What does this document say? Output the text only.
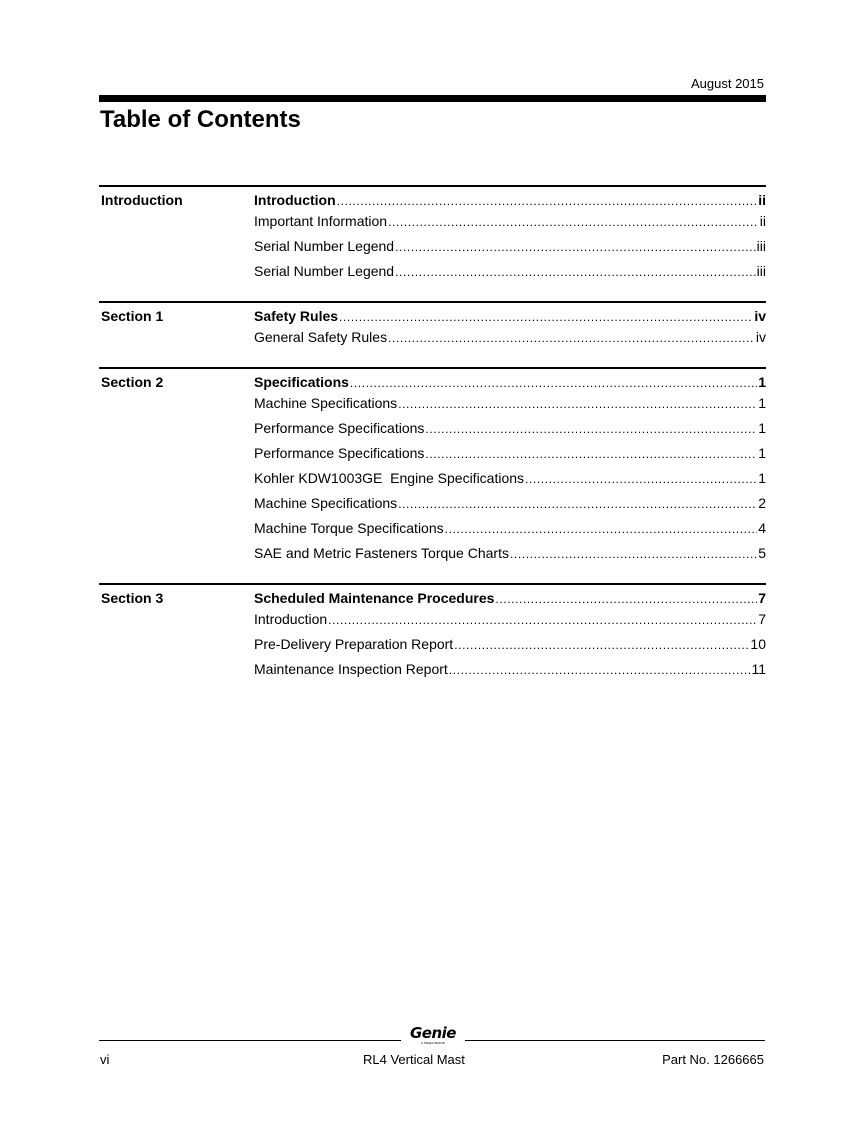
August 2015
Table of Contents
Introduction	Introduction .....	ii
Important Information .....	ii
Serial Number Legend .....	iii
Serial Number Legend .....	iii
Section 1	Safety Rules .....	iv
General Safety Rules .....	iv
Section 2	Specifications .....	1
Machine Specifications .....	1
Performance Specifications .....	1
Performance Specifications .....	1
Kohler KDW1003GE  Engine Specifications .....	1
Machine Specifications .....	2
Machine Torque Specifications .....	4
SAE and Metric Fasteners Torque Charts .....	5
Section 3	Scheduled Maintenance Procedures .....	7
Introduction .....	7
Pre-Delivery Preparation Report .....	10
Maintenance Inspection Report .....	11
Genie
A TEREX BRAND
vi	RL4 Vertical Mast	Part No. 1266665
